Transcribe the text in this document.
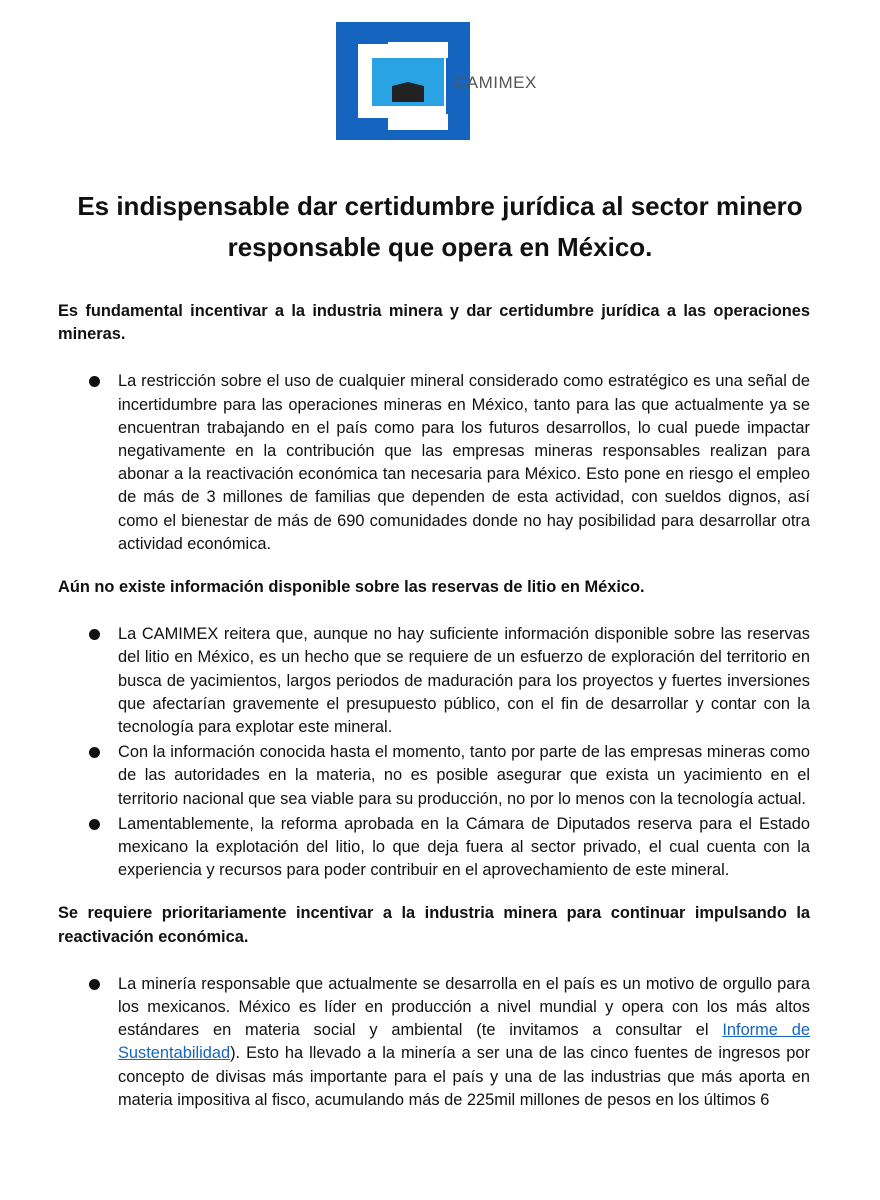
CAMIMEX
Es indispensable dar certidumbre jurídica al sector minero
responsable que opera en México.

Es fundamental incentivar a la industria minera y dar certidumbre jurídica a las operaciones mineras.

La restricción sobre el uso de cualquier mineral considerado como estratégico es una señal de incertidumbre para las operaciones mineras en México, tanto para las que actualmente ya se encuentran trabajando en el país como para los futuros desarrollos, lo cual puede impactar negativamente en la contribución que las empresas mineras responsables realizan para abonar a la reactivación económica tan necesaria para México. Esto pone en riesgo el empleo de más de 3 millones de familias que dependen de esta actividad, con sueldos dignos, así como el bienestar de más de 690 comunidades donde no hay posibilidad para desarrollar otra actividad económica.

Aún no existe información disponible sobre las reservas de litio en México.

La CAMIMEX reitera que, aunque no hay suficiente información disponible sobre las reservas del litio en México, es un hecho que se requiere de un esfuerzo de exploración del territorio en busca de yacimientos, largos periodos de maduración para los proyectos y fuertes inversiones que afectarían gravemente el presupuesto público, con el fin de desarrollar y contar con la tecnología para explotar este mineral.
Con la información conocida hasta el momento, tanto por parte de las empresas mineras como de las autoridades en la materia, no es posible asegurar que exista un yacimiento en el territorio nacional que sea viable para su producción, no por lo menos con la tecnología actual.
Lamentablemente, la reforma aprobada en la Cámara de Diputados reserva para el Estado mexicano la explotación del litio, lo que deja fuera al sector privado, el cual cuenta con la experiencia y recursos para poder contribuir en el aprovechamiento de este mineral.

Se requiere prioritariamente incentivar a la industria minera para continuar impulsando la reactivación económica.

La minería responsable que actualmente se desarrolla en el país es un motivo de orgullo para los mexicanos. México es líder en producción a nivel mundial y opera con los más altos estándares en materia social y ambiental (te invitamos a consultar el Informe de Sustentabilidad). Esto ha llevado a la minería a ser una de las cinco fuentes de ingresos por concepto de divisas más importante para el país y una de las industrias que más aporta en materia impositiva al fisco, acumulando más de 225mil millones de pesos en los últimos 6
